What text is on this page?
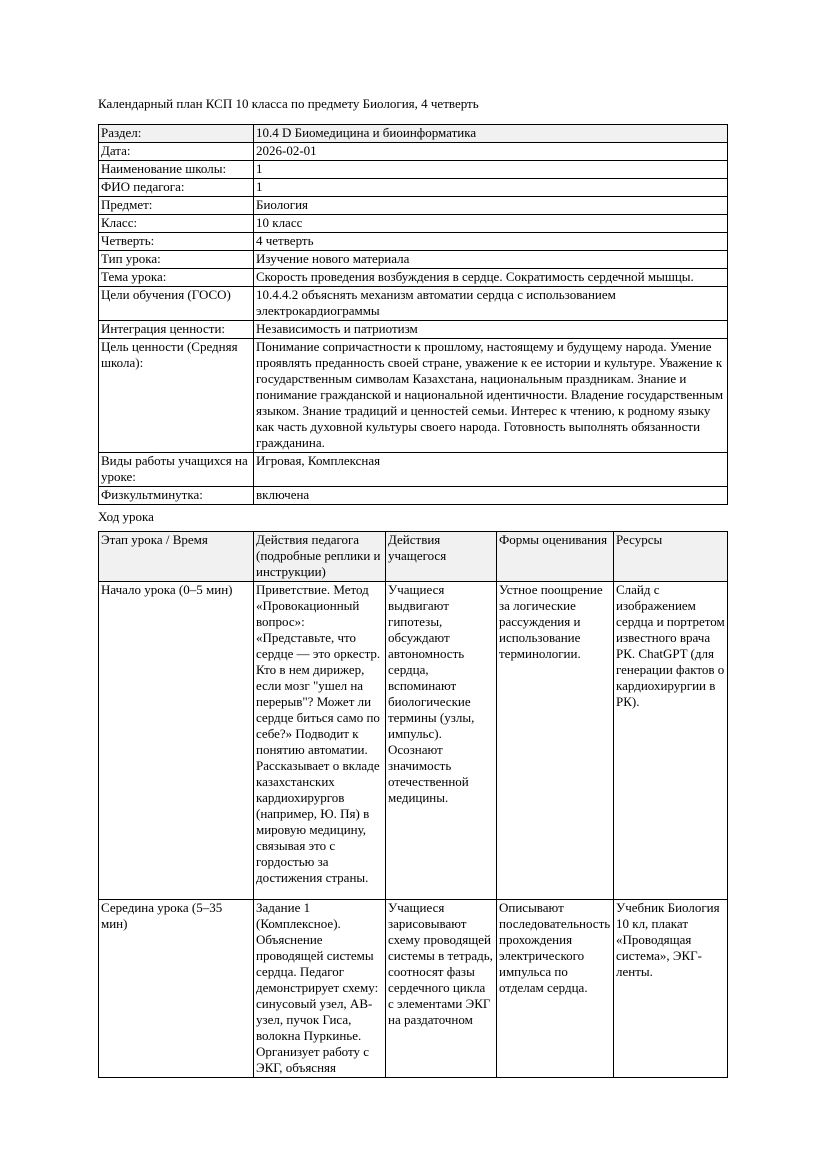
Календарный план КСП 10 класса по предмету Биология, 4 четверть

Раздел:	10.4 D Биомедицина и биоинформатика
Дата:	2026-02-01
Наименование школы:	1
ФИО педагога:	1
Предмет:	Биология
Класс:	10 класс
Четверть:	4 четверть
Тип урока:	Изучение нового материала
Тема урока:	Скорость проведения возбуждения в сердце. Сократимость сердечной мышцы.
Цели обучения (ГОСО)	10.4.4.2 объяснять механизм автоматии сердца с использованием электрокардиограммы
Интеграция ценности:	Независимость и патриотизм
Цель ценности (Средняя школа):	Понимание сопричастности к прошлому, настоящему и будущему народа. Умение проявлять преданность своей стране, уважение к ее истории и культуре. Уважение к государственным символам Казахстана, национальным праздникам. Знание и понимание гражданской и национальной идентичности. Владение государственным языком. Знание традиций и ценностей семьи. Интерес к чтению, к родному языку как часть духовной культуры своего народа. Готовность выполнять обязанности гражданина.
Виды работы учащихся на уроке:	Игровая, Комплексная
Физкультминутка:	включена

Ход урока

Этап урока / Время	Действия педагога (подробные реплики и инструкции)	Действия учащегося	Формы оценивания	Ресурсы
Начало урока (0–5 мин)	Приветствие. Метод «Провокационный вопрос»: «Представьте, что сердце — это оркестр. Кто в нем дирижер, если мозг "ушел на перерыв"? Может ли сердце биться само по себе?» Подводит к понятию автоматии. Рассказывает о вкладе казахстанских кардиохирургов (например, Ю. Пя) в мировую медицину, связывая это с гордостью за достижения страны.	Учащиеся выдвигают гипотезы, обсуждают автономность сердца, вспоминают биологические термины (узлы, импульс). Осознают значимость отечественной медицины.	Устное поощрение за логические рассуждения и использование терминологии.	Слайд с изображением сердца и портретом известного врача РК. ChatGPT (для генерации фактов о кардиохирургии в РК).

Середина урока (5–35 мин)	Задание 1 (Комплексное). Объяснение проводящей системы сердца. Педагог демонстрирует схему: синусовый узел, АВ-узел, пучок Гиса, волокна Пуркинье. Организует работу с ЭКГ, объясняя	Учащиеся зарисовывают схему проводящей системы в тетрадь, соотносят фазы сердечного цикла с элементами ЭКГ на раздаточном	Описывают последовательность прохождения электрического импульса по отделам сердца.	Учебник Биология 10 кл, плакат «Проводящая система», ЭКГ-ленты.
